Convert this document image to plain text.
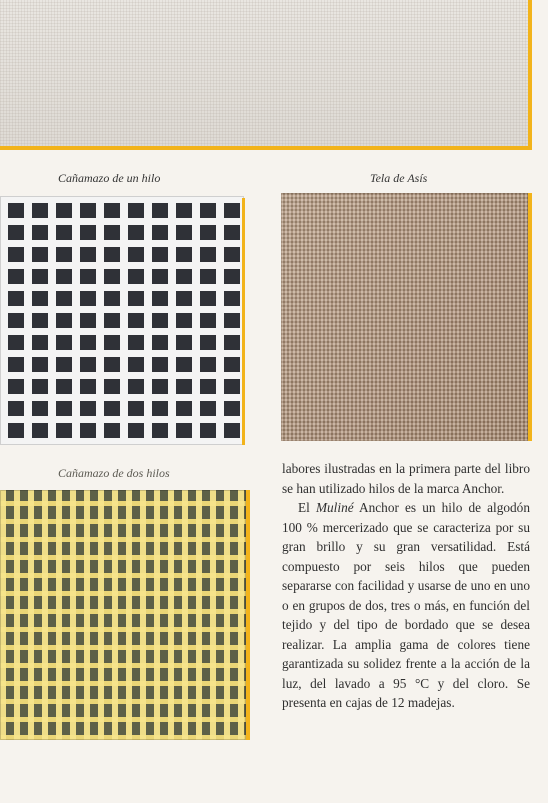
Cañamazo de un hilo	Tela de Asís
Cañamazo de dos hilos	labores ilustradas en la primera parte del libro se han utilizado hilos de la marca Anchor.

El Muliné Anchor es un hilo de algodón 100 % mercerizado que se caracteriza por su gran brillo y su gran versatilidad. Está compuesto por seis hilos que pueden separarse con facilidad y usarse de uno en uno o en grupos de dos, tres o más, en función del tejido y del tipo de bordado que se desea realizar. La amplia gama de colores tiene garantizada su solidez frente a la acción de la luz, del lavado a 95 °C y del cloro. Se presenta en cajas de 12 madejas.
